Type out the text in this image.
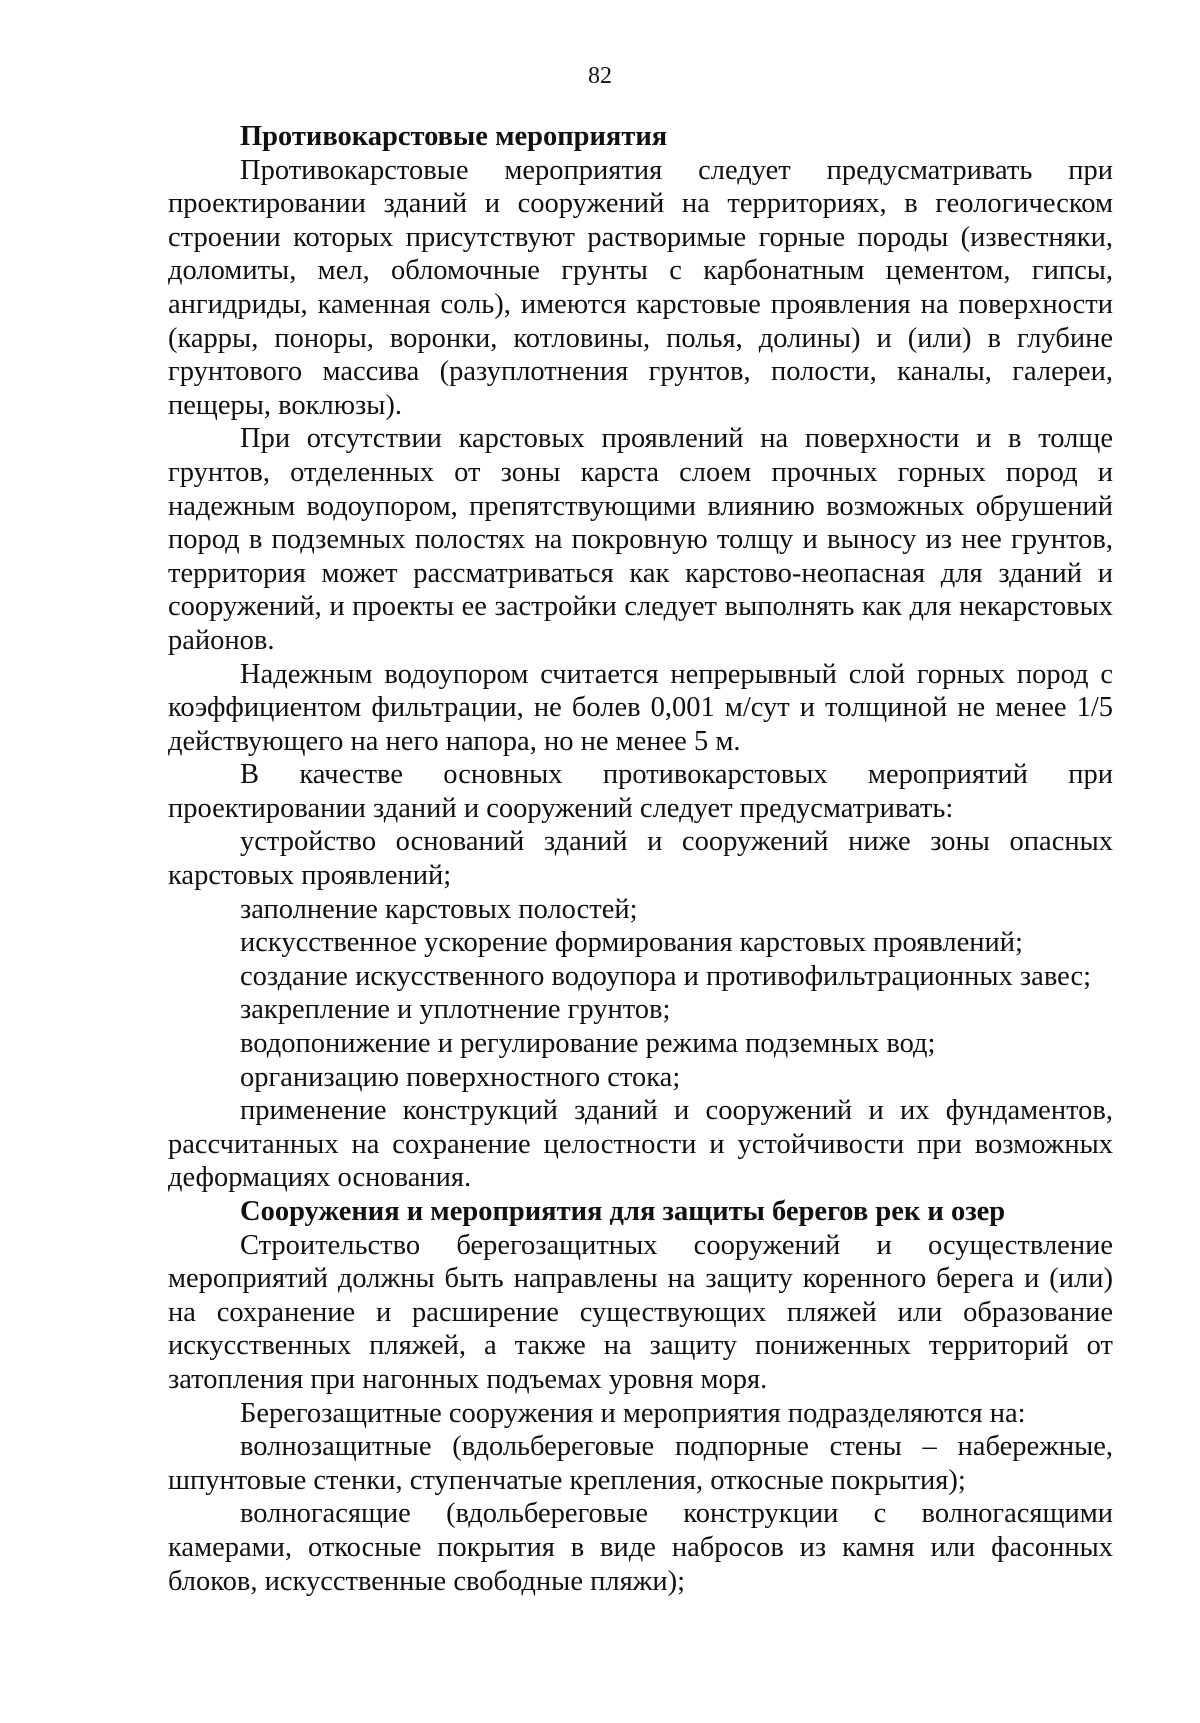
82
Противокарстовые мероприятия

Противокарстовые мероприятия следует предусматривать при проектировании зданий и сооружений на территориях, в геологическом строении которых присутствуют растворимые горные породы (известняки, доломиты, мел, обломочные грунты с карбонатным цементом, гипсы, ангидриды, каменная соль), имеются карстовые проявления на поверхности (карры, поноры, воронки, котловины, полья, долины) и (или) в глубине грунтового массива (разуплотнения грунтов, полости, каналы, галереи, пещеры, воклюзы).

При отсутствии карстовых проявлений на поверхности и в толще грунтов, отделенных от зоны карста слоем прочных горных пород и надежным водоупором, препятствующими влиянию возможных обрушений пород в подземных полостях на покровную толщу и выносу из нее грунтов, территория может рассматриваться как карстово-неопасная для зданий и сооружений, и проекты ее застройки следует выполнять как для некарстовых районов.

Надежным водоупором считается непрерывный слой горных пород с коэффициентом фильтрации, не болев 0,001 м/сут и толщиной не менее 1/5 действующего на него напора, но не менее 5 м.

В качестве основных противокарстовых мероприятий при проектировании зданий и сооружений следует предусматривать:

устройство оснований зданий и сооружений ниже зоны опасных карстовых проявлений;

заполнение карстовых полостей;

искусственное ускорение формирования карстовых проявлений;

создание искусственного водоупора и противофильтрационных завес;

закрепление и уплотнение грунтов;

водопонижение и регулирование режима подземных вод;

организацию поверхностного стока;

применение конструкций зданий и сооружений и их фундаментов, рассчитанных на сохранение целостности и устойчивости при возможных деформациях основания.

Сооружения и мероприятия для защиты берегов рек и озер

Строительство берегозащитных сооружений и осуществление мероприятий должны быть направлены на защиту коренного берега и (или) на сохранение и расширение существующих пляжей или образование искусственных пляжей, а также на защиту пониженных территорий от затопления при нагонных подъемах уровня моря.

Берегозащитные сооружения и мероприятия подразделяются на:

волнозащитные (вдольбереговые подпорные стены – набережные, шпунтовые стенки, ступенчатые крепления, откосные покрытия);

волногасящие (вдольбереговые конструкции с волногасящими камерами, откосные покрытия в виде набросов из камня или фасонных блоков, искусственные свободные пляжи);
